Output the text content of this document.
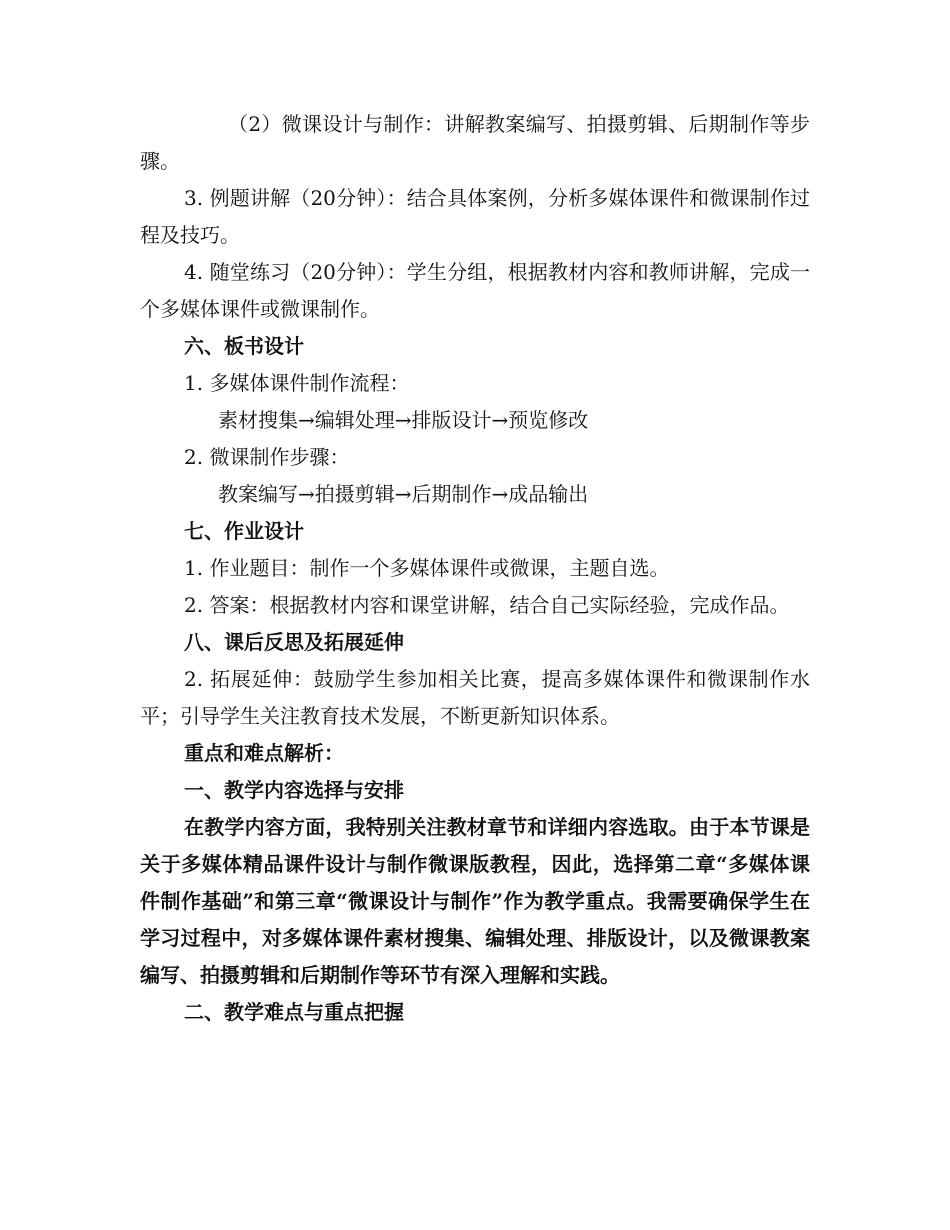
（2）微课设计与制作：讲解教案编写、拍摄剪辑、后期制作等步骤。

3. 例题讲解（20分钟）：结合具体案例，分析多媒体课件和微课制作过程及技巧。

4. 随堂练习（20分钟）：学生分组，根据教材内容和教师讲解，完成一个多媒体课件或微课制作。

六、板书设计

1. 多媒体课件制作流程：

素材搜集→编辑处理→排版设计→预览修改

2. 微课制作步骤：

教案编写→拍摄剪辑→后期制作→成品输出

七、作业设计

1. 作业题目：制作一个多媒体课件或微课，主题自选。

2. 答案：根据教材内容和课堂讲解，结合自己实际经验，完成作品。

八、课后反思及拓展延伸

2. 拓展延伸：鼓励学生参加相关比赛，提高多媒体课件和微课制作水平；引导学生关注教育技术发展，不断更新知识体系。

重点和难点解析：

一、教学内容选择与安排

在教学内容方面，我特别关注教材章节和详细内容选取。由于本节课是关于多媒体精品课件设计与制作微课版教程，因此，选择第二章“多媒体课件制作基础”和第三章“微课设计与制作”作为教学重点。我需要确保学生在学习过程中，对多媒体课件素材搜集、编辑处理、排版设计，以及微课教案编写、拍摄剪辑和后期制作等环节有深入理解和实践。

二、教学难点与重点把握
